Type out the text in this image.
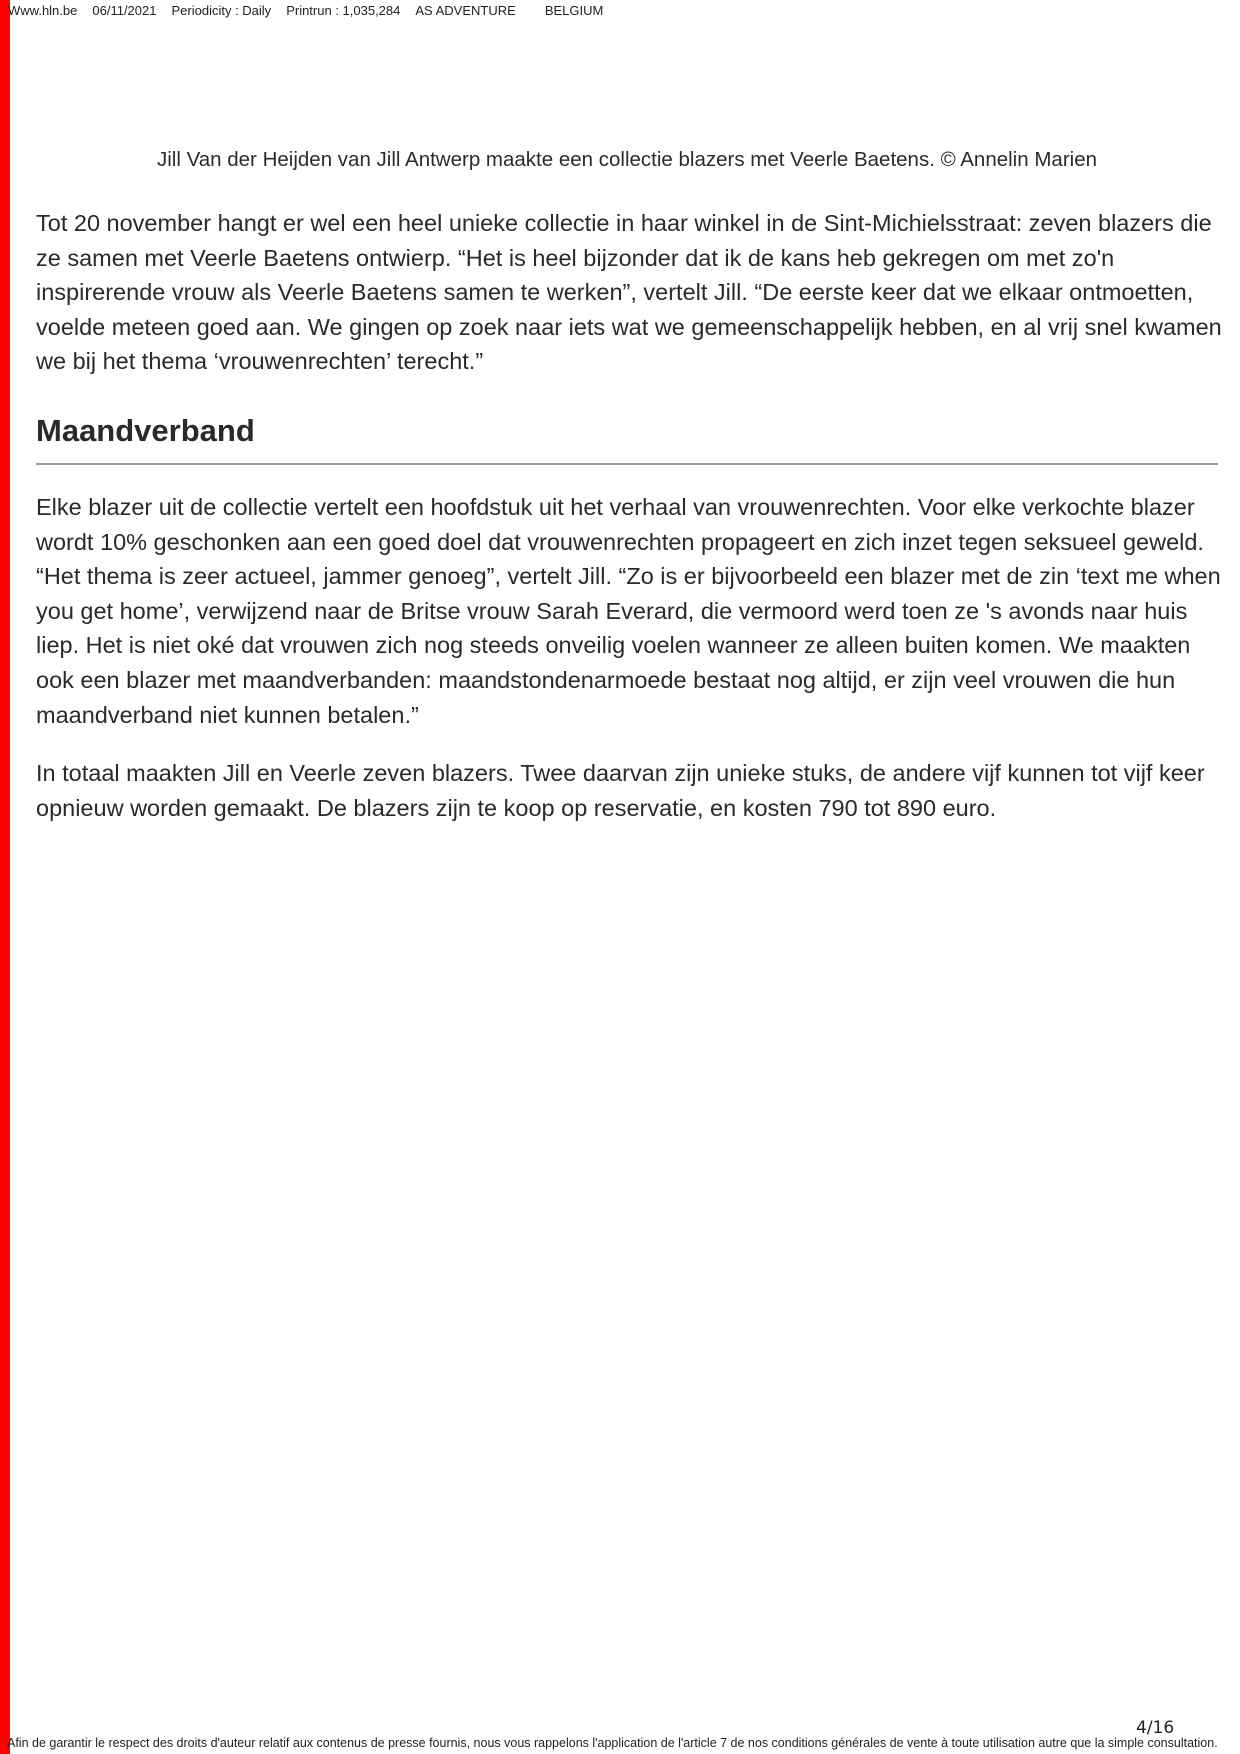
Www.hln.be 06/11/2021 Periodicity : Daily Printrun : 1,035,284 AS ADVENTURE BELGIUM
Jill Van der Heijden van Jill Antwerp maakte een collectie blazers met Veerle Baetens. © Annelin Marien

Tot 20 november hangt er wel een heel unieke collectie in haar winkel in de Sint-Michielsstraat: zeven blazers die ze samen met Veerle Baetens ontwierp. “Het is heel bijzonder dat ik de kans heb gekregen om met zo'n inspirerende vrouw als Veerle Baetens samen te werken”, vertelt Jill. “De eerste keer dat we elkaar ontmoetten, voelde meteen goed aan. We gingen op zoek naar iets wat we gemeenschappelijk hebben, en al vrij snel kwamen we bij het thema ‘vrouwenrechten’ terecht.”

Maandverband

Elke blazer uit de collectie vertelt een hoofdstuk uit het verhaal van vrouwenrechten. Voor elke verkochte blazer wordt 10% geschonken aan een goed doel dat vrouwenrechten propageert en zich inzet tegen seksueel geweld. “Het thema is zeer actueel, jammer genoeg”, vertelt Jill. “Zo is er bijvoorbeeld een blazer met de zin ‘text me when you get home’, verwijzend naar de Britse vrouw Sarah Everard, die vermoord werd toen ze 's avonds naar huis liep. Het is niet oké dat vrouwen zich nog steeds onveilig voelen wanneer ze alleen buiten komen. We maakten ook een blazer met maandverbanden: maandstondenarmoede bestaat nog altijd, er zijn veel vrouwen die hun maandverband niet kunnen betalen.”

In totaal maakten Jill en Veerle zeven blazers. Twee daarvan zijn unieke stuks, de andere vijf kunnen tot vijf keer opnieuw worden gemaakt. De blazers zijn te koop op reservatie, en kosten 790 tot 890 euro.

4/16
Afin de garantir le respect des droits d'auteur relatif aux contenus de presse fournis, nous vous rappelons l'application de l'article 7 de nos conditions générales de vente à toute utilisation autre que la simple consultation.
